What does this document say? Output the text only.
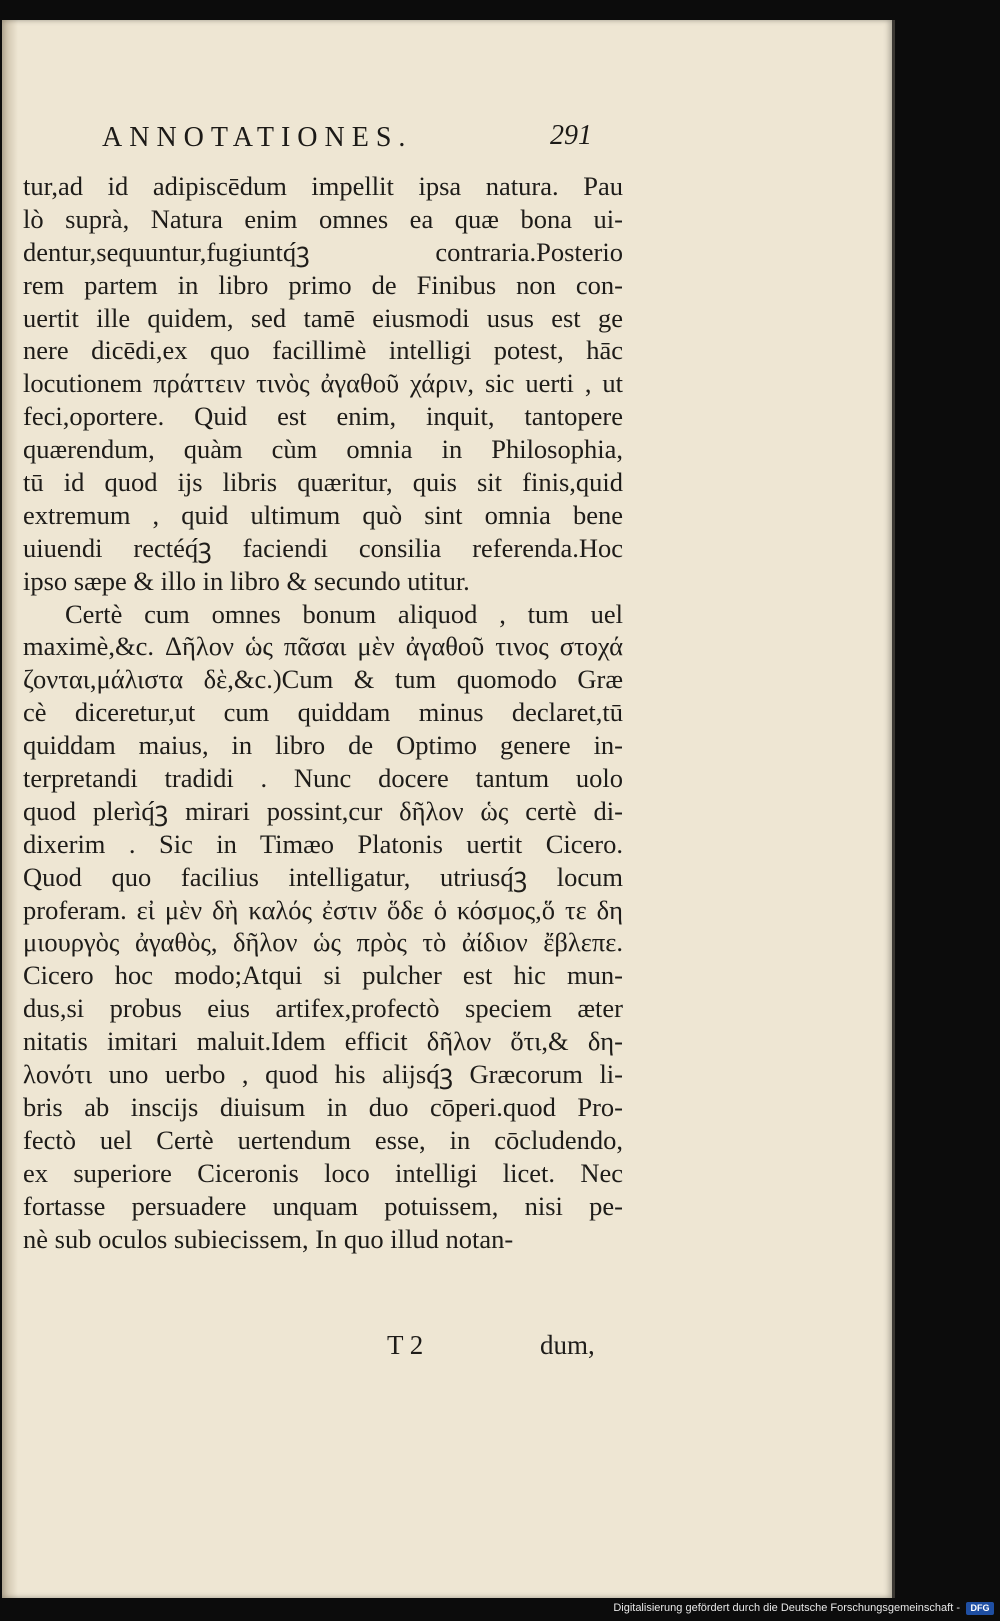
ANNOTATIONES.	291
tur,ad id adipiscēdum impellit ipsa natura. Pau
lò suprà, Natura enim omnes ea quæ bona ui-
dentur,sequuntur,fugiuntq́ꝫ contraria.Posterio
rem partem in libro primo de Finibus non con-
uertit ille quidem, sed tamē eiusmodi usus est ge
nere dicēdi,ex quo facillimè intelligi potest, hāc
locutionem πράττειν τινὸς ἀγαθοῦ χάριν, sic uerti , ut
feci,oportere. Quid est enim, inquit, tantopere
quærendum, quàm cùm omnia in Philosophia,
tū id quod ĳs libris quæritur, quis sit finis,quid
extremum , quid ultimum quò sint omnia bene
uiuendi rectéq́ꝫ faciendi consilia referenda.Hoc
ipso sæpe & illo in libro & secundo utitur.
Certè cum omnes bonum aliquod , tum uel
maximè,&c. Δῆλον ὡς πᾶσαι μὲν ἀγαθοῦ τινος στοχά
ζονται,μάλιστα δὲ,&c.)Cum & tum quomodo Græ
cè diceretur,ut cum quiddam minus declaret,tū
quiddam maius, in libro de Optimo genere in-
terpretandi tradidi . Nunc docere tantum uolo
quod plerìq́ꝫ mirari possint,cur δῆλον ὡς certè di-
dixerim . Sic in Timæo Platonis uertit Cicero.
Quod quo facilius intelligatur, utriusq́ꝫ locum
proferam. εἰ μὲν δὴ καλός ἐστιν ὅδε ὁ κόσμος,ὅ τε δη
μιουργὸς ἀγαθὸς, δῆλον ὡς πρὸς τὸ ἀίδιον ἔβλεπε.
Cicero hoc modo;Atqui si pulcher est hic mun-
dus,si probus eius artifex,profectò speciem æter
nitatis imitari maluit.Idem efficit δῆλον ὅτι,& δη-
λονότι uno uerbo , quod his alĳsq́ꝫ Græcorum li-
bris ab inscĳs diuisum in duo cōperi.quod Pro-
fectò uel Certè uertendum esse, in cōcludendo,
ex superiore Ciceronis loco intelligi licet. Nec
fortasse persuadere unquam potuissem, nisi pe-
nè sub oculos subiecissem, In quo illud notan-
T 2	dum,
Digitalisierung gefördert durch die Deutsche Forschungsgemeinschaft -	DFG
